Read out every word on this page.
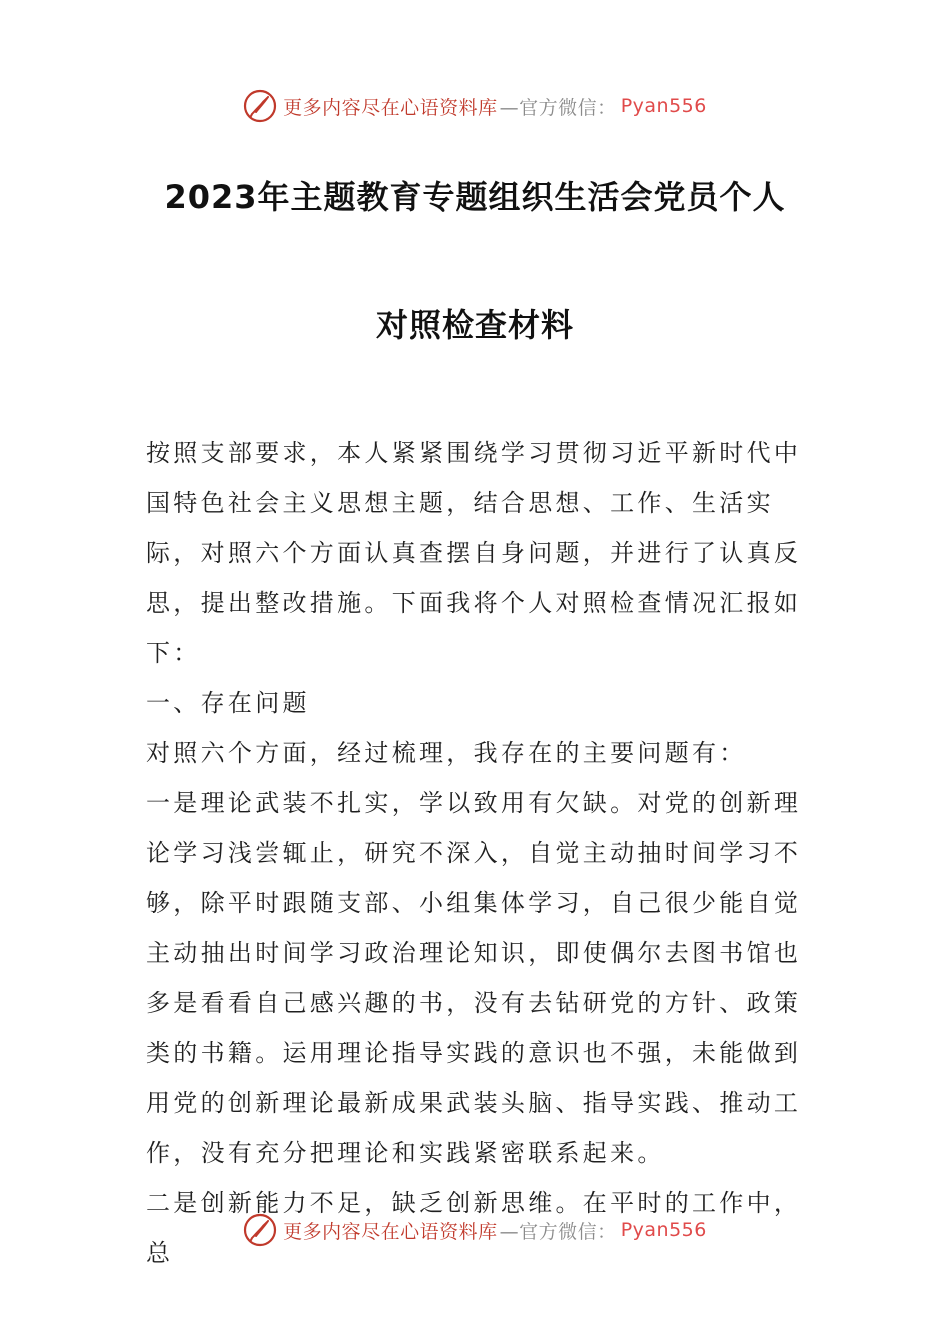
更多内容尽在心语资料库 —官方微信： Pyan556
2023年主题教育专题组织生活会党员个人
对照检查材料

按照支部要求，本人紧紧围绕学习贯彻习近平新时代中国特色社会主义思想主题，结合思想、工作、生活实际，对照六个方面认真查摆自身问题，并进行了认真反思，提出整改措施。下面我将个人对照检查情况汇报如下：

一、存在问题

对照六个方面，经过梳理，我存在的主要问题有：

一是理论武装不扎实，学以致用有欠缺。对党的创新理论学习浅尝辄止，研究不深入，自觉主动抽时间学习不够，除平时跟随支部、小组集体学习，自己很少能自觉主动抽出时间学习政治理论知识，即使偶尔去图书馆也多是看看自己感兴趣的书，没有去钻研党的方针、政策类的书籍。运用理论指导实践的意识也不强，未能做到用党的创新理论最新成果武装头脑、指导实践、推动工作，没有充分把理论和实践紧密联系起来。

二是创新能力不足，缺乏创新思维。在平时的工作中，总

更多内容尽在心语资料库 —官方微信： Pyan556
